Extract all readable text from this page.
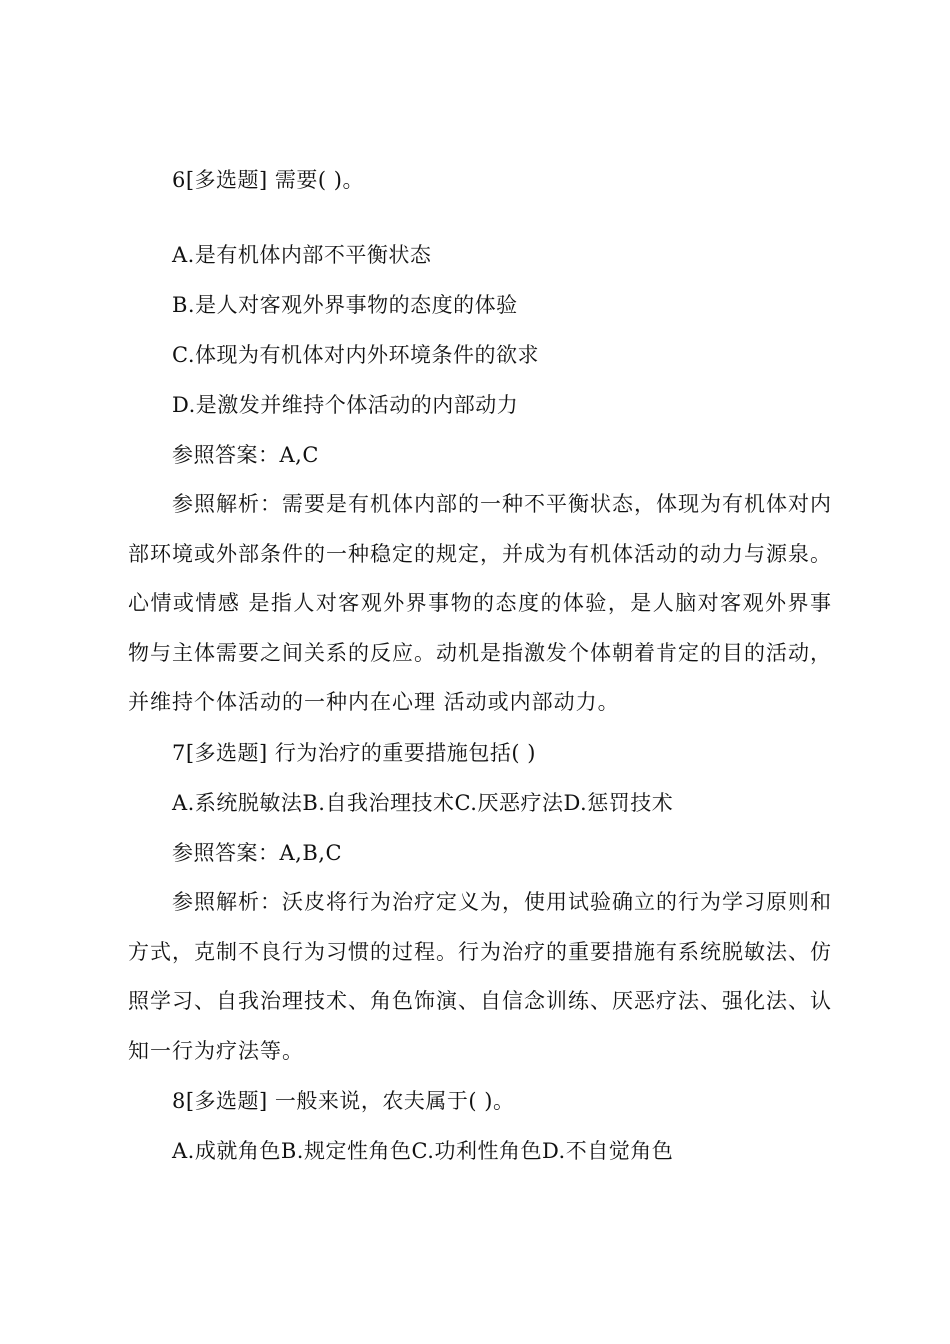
6[多选题] 需要( )。
A.是有机体内部不平衡状态
B.是人对客观外界事物的态度的体验
C.体现为有机体对内外环境条件的欲求
D.是激发并维持个体活动的内部动力
参照答案：A,C
参照解析：需要是有机体内部的一种不平衡状态，体现为有机体对内部环境或外部条件的一种稳定的规定，并成为有机体活动的动力与源泉。心情或情感 是指人对客观外界事物的态度的体验，是人脑对客观外界事物与主体需要之间关系的反应。动机是指激发个体朝着肯定的目的活动，并维持个体活动的一种内在心理 活动或内部动力。
7[多选题] 行为治疗的重要措施包括( )
A.系统脱敏法B.自我治理技术C.厌恶疗法D.惩罚技术
参照答案：A,B,C
参照解析：沃皮将行为治疗定义为，使用试验确立的行为学习原则和方式，克制不良行为习惯的过程。行为治疗的重要措施有系统脱敏法、仿照学习、自我治理技术、角色饰演、自信念训练、厌恶疗法、强化法、认知一行为疗法等。
8[多选题] 一般来说，农夫属于( )。
A.成就角色B.规定性角色C.功利性角色D.不自觉角色
